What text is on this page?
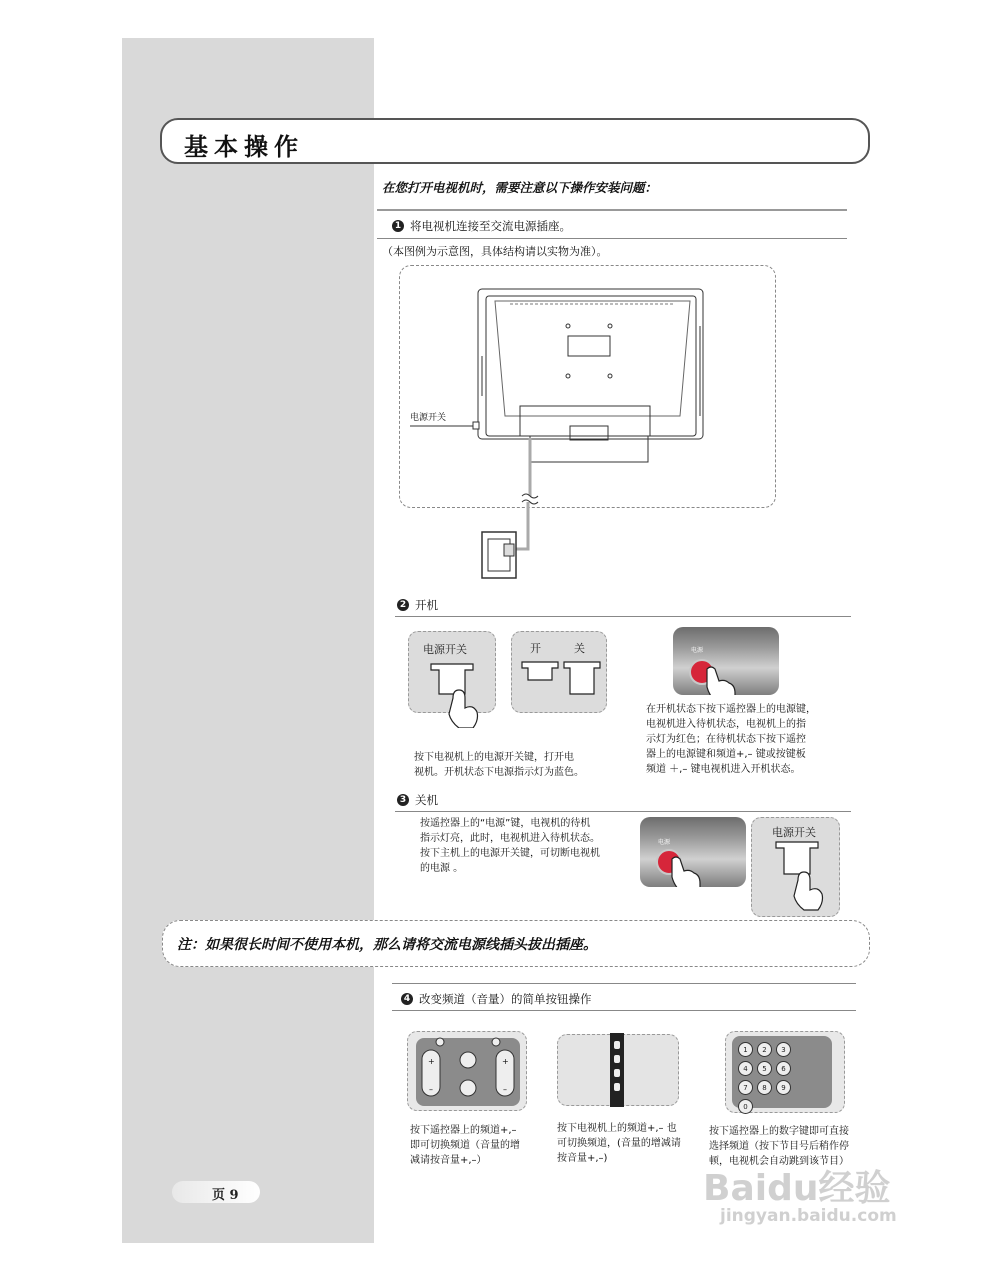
基本操作
在您打开电视机时，需要注意以下操作安装问题：
1 将电视机连接至交流电源插座。
（本图例为示意图，具体结构请以实物为准）。
电源开关
2 开机
电源开关	开	关	电源
按下电视机上的电源开关键，打开电
视机。开机状态下电源指示灯为蓝色。
在开机状态下按下遥控器上的电源键，
电视机进入待机状态，电视机上的指
示灯为红色；在待机状态下按下遥控
器上的电源键和频道+,– 键或按键板
频道 ＋,– 键电视机进入开机状态。
3 关机
按遥控器上的“电源”键，电视机的待机
指示灯亮，此时，电视机进入待机状态。
按下主机上的电源开关键，可切断电视机
的电源 。
电源
电源开关
注：如果很长时间不使用本机，那么请将交流电源线插头拔出插座。
4 改变频道（音量）的简单按钮操作
+
–
+
–
按下遥控器上的频道+,–
即可切换频道（音量的增
减请按音量+,–）
按下电视机上的频道+,– 也
可切换频道，(音量的增减请
按音量+,–)
1	2	3
4	5	6
7	8	9
0
按下遥控器上的数字键即可直接
选择频道（按下节目号后稍作停
顿，电视机会自动跳到该节目）
页 9	Baidu经验
jingyan.baidu.com
